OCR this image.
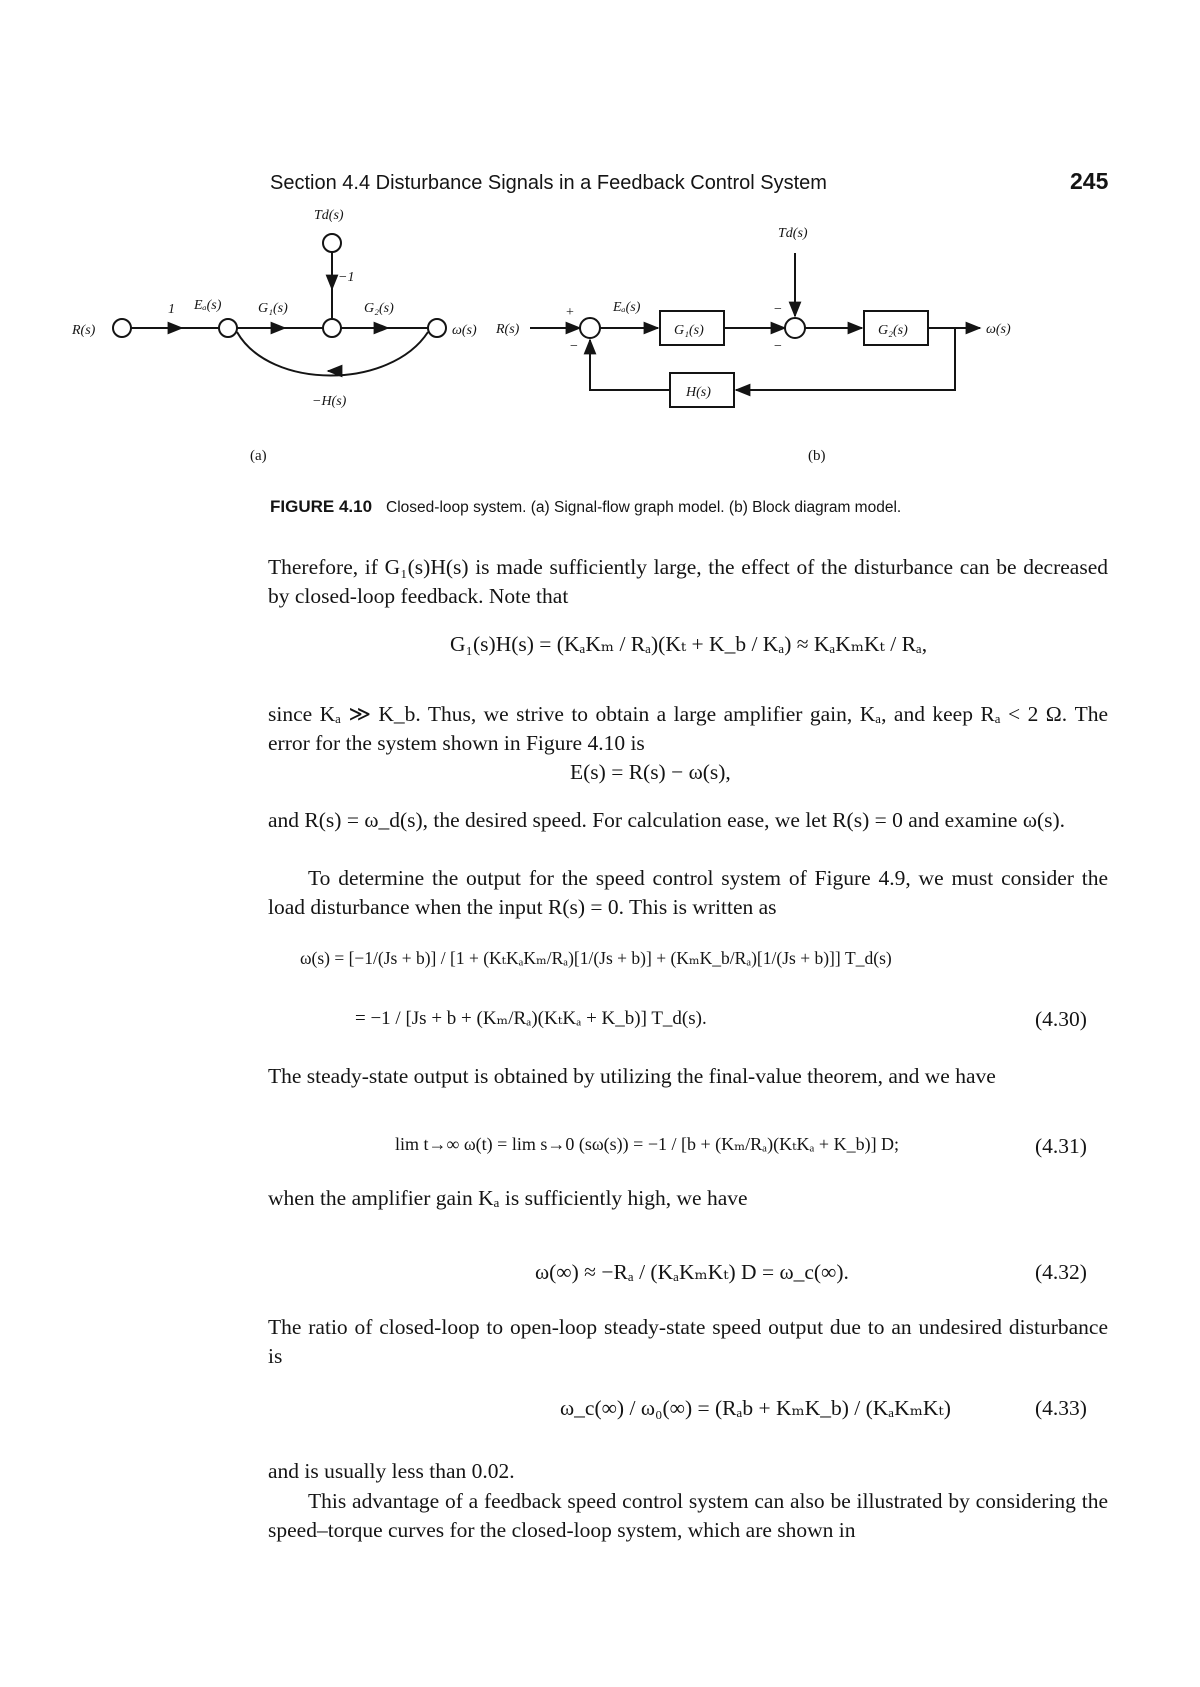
Section 4.4 Disturbance Signals in a Feedback Control System	245
R(s)
Eₐ(s)
Td(s)
ω(s)
1	G₁(s)
−1
G₂(s)
−H(s)
(a)
R(s)
Eₐ(s)
Td(s)
ω(s)
G₁(s)	G₂(s)
H(s)
+
−
−
−
(b)
FIGURE 4.10 Closed-loop system. (a) Signal-flow graph model. (b) Block diagram model.
Therefore, if G₁(s)H(s) is made sufficiently large, the effect of the disturbance can be decreased by closed-loop feedback. Note that
G₁(s)H(s) = (KₐKₘ / Rₐ)(Kₜ + K_b / Kₐ) ≈ KₐKₘKₜ / Rₐ,
since Kₐ ≫ K_b. Thus, we strive to obtain a large amplifier gain, Kₐ, and keep Rₐ < 2 Ω. The error for the system shown in Figure 4.10 is
E(s) = R(s) − ω(s),
and R(s) = ω_d(s), the desired speed. For calculation ease, we let R(s) = 0 and examine ω(s).
To determine the output for the speed control system of Figure 4.9, we must consider the load disturbance when the input R(s) = 0. This is written as
ω(s) = [−1/(Js + b)] / [1 + (KₜKₐKₘ/Rₐ)[1/(Js + b)] + (KₘK_b/Rₐ)[1/(Js + b)]] T_d(s)
= −1 / [Js + b + (Kₘ/Rₐ)(KₜKₐ + K_b)] T_d(s).	(4.30)
The steady-state output is obtained by utilizing the final-value theorem, and we have
lim t→∞ ω(t) = lim s→0 (sω(s)) = −1 / [b + (Kₘ/Rₐ)(KₜKₐ + K_b)] D;	(4.31)
when the amplifier gain Kₐ is sufficiently high, we have
ω(∞) ≈ −Rₐ / (KₐKₘKₜ) D = ω_c(∞).	(4.32)
The ratio of closed-loop to open-loop steady-state speed output due to an undesired disturbance is
ω_c(∞) / ω₀(∞) = (Rₐb + KₘK_b) / (KₐKₘKₜ)	(4.33)
and is usually less than 0.02.
This advantage of a feedback speed control system can also be illustrated by considering the speed–torque curves for the closed-loop system, which are shown in
